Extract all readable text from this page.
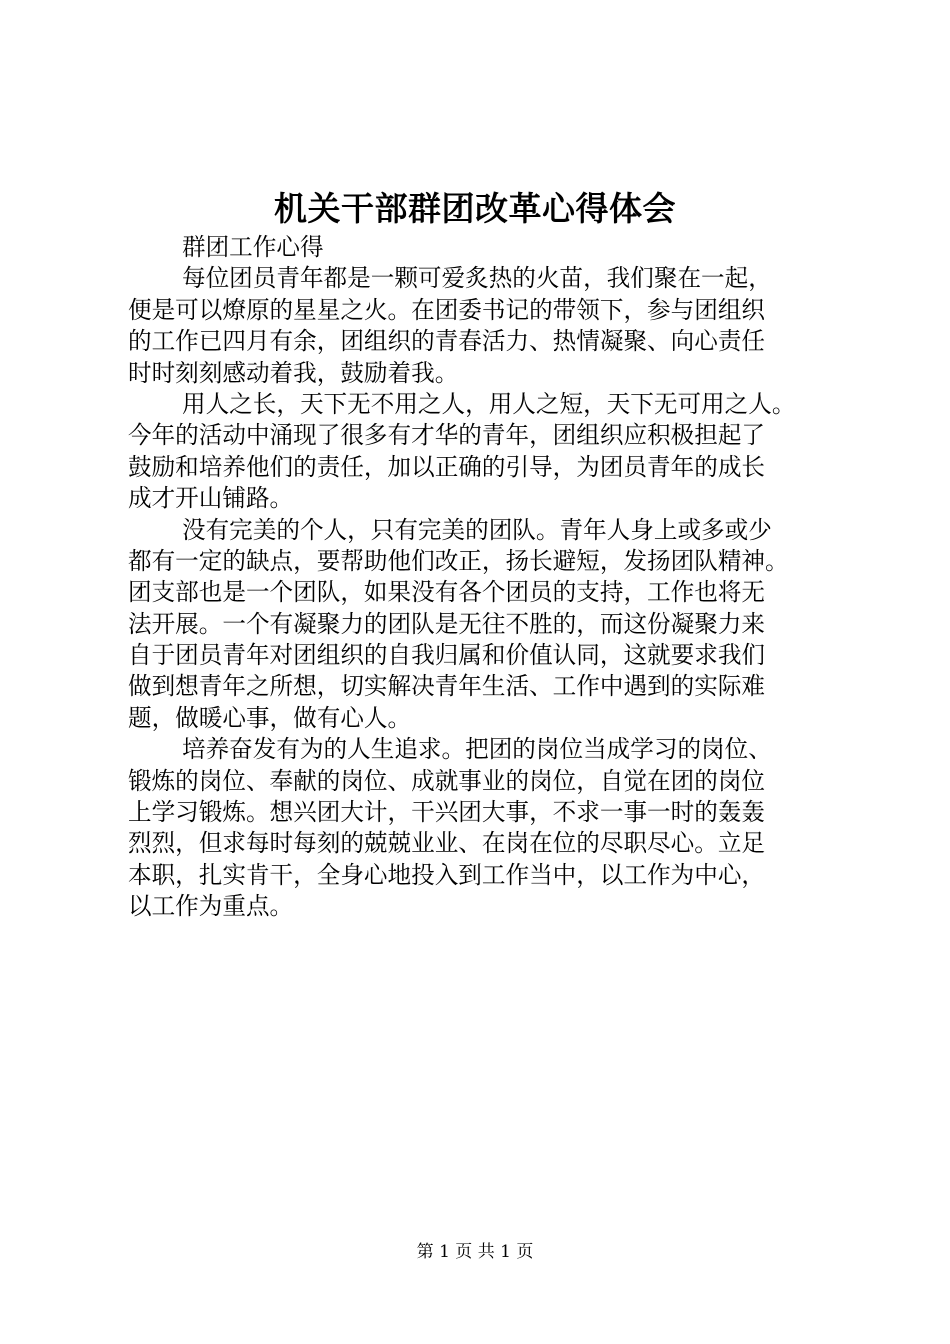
机关干部群团改革心得体会
群团工作心得
每位团员青年都是一颗可爱炙热的火苗，我们聚在一起，
便是可以燎原的星星之火。在团委书记的带领下，参与团组织
的工作已四月有余，团组织的青春活力、热情凝聚、向心责任
时时刻刻感动着我，鼓励着我。
用人之长，天下无不用之人，用人之短，天下无可用之人。
今年的活动中涌现了很多有才华的青年，团组织应积极担起了
鼓励和培养他们的责任，加以正确的引导，为团员青年的成长
成才开山铺路。
没有完美的个人，只有完美的团队。青年人身上或多或少
都有一定的缺点，要帮助他们改正，扬长避短，发扬团队精神。
团支部也是一个团队，如果没有各个团员的支持，工作也将无
法开展。一个有凝聚力的团队是无往不胜的，而这份凝聚力来
自于团员青年对团组织的自我归属和价值认同，这就要求我们
做到想青年之所想，切实解决青年生活、工作中遇到的实际难
题，做暖心事，做有心人。
培养奋发有为的人生追求。把团的岗位当成学习的岗位、
锻炼的岗位、奉献的岗位、成就事业的岗位，自觉在团的岗位
上学习锻炼。想兴团大计，干兴团大事，不求一事一时的轰轰
烈烈，但求每时每刻的兢兢业业、在岗在位的尽职尽心。立足
本职，扎实肯干，全身心地投入到工作当中，以工作为中心，
以工作为重点。
第 1 页 共 1 页
